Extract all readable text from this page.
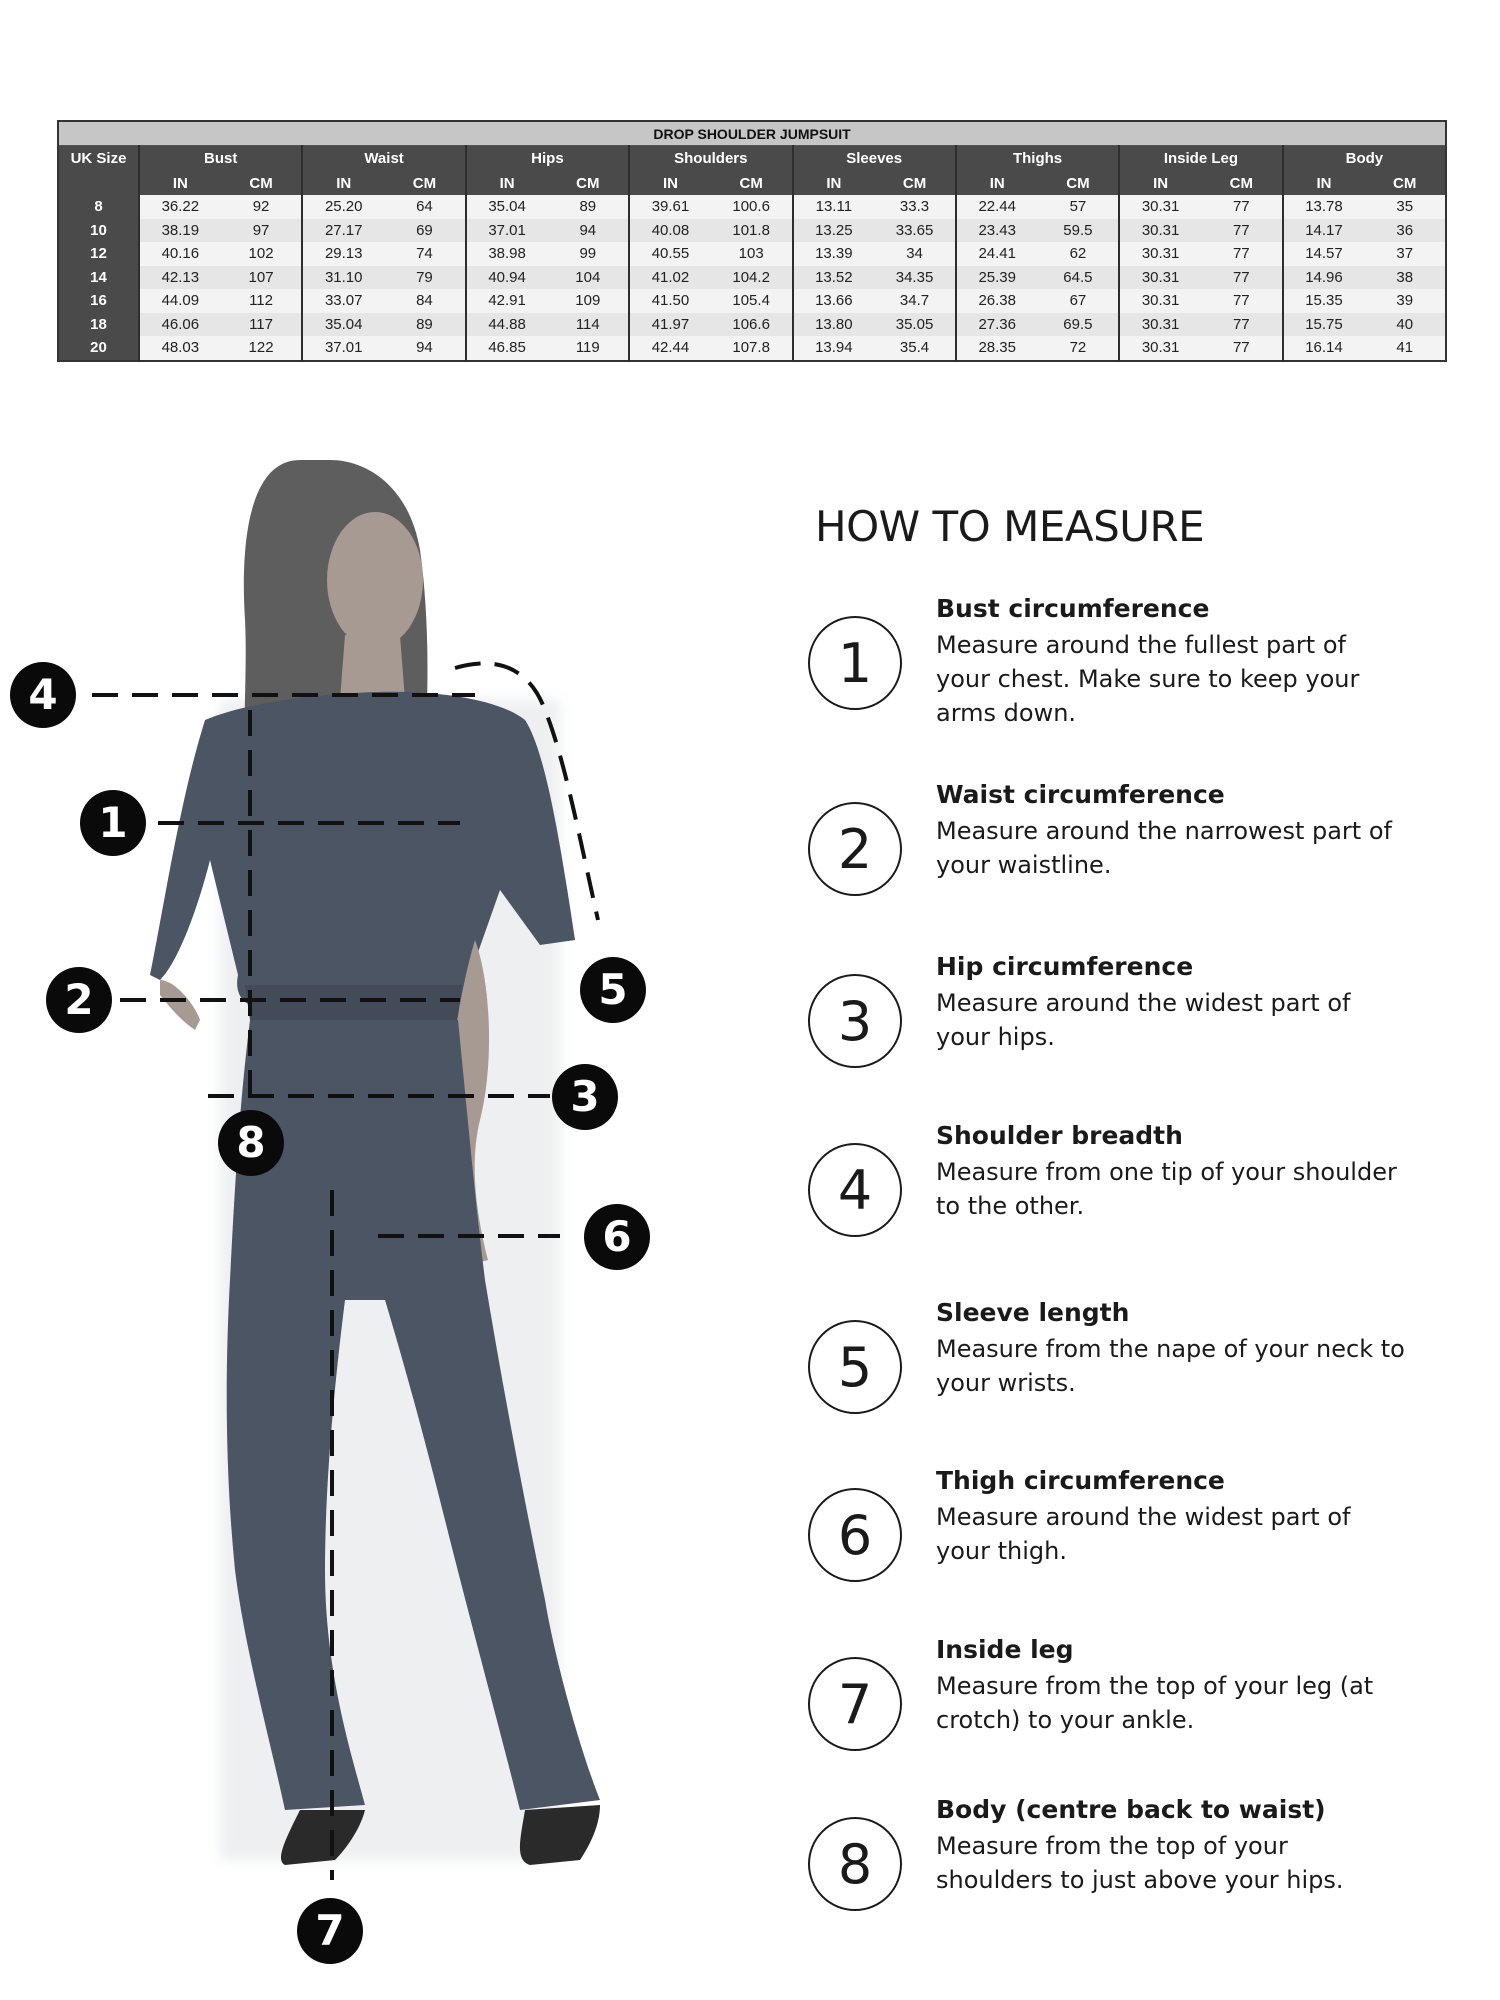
DROP SHOULDER JUMPSUIT																
UK Size	Bust		Waist		Hips		Shoulders		Sleeves		Thighs		Inside Leg		Body	
	IN	CM	IN	CM	IN	CM	IN	CM	IN	CM	IN	CM	IN	CM	IN	CM
8	36.22	92	25.20	64	35.04	89	39.61	100.6	13.11	33.3	22.44	57	30.31	77	13.78	35
10	38.19	97	27.17	69	37.01	94	40.08	101.8	13.25	33.65	23.43	59.5	30.31	77	14.17	36
12	40.16	102	29.13	74	38.98	99	40.55	103	13.39	34	24.41	62	30.31	77	14.57	37
14	42.13	107	31.10	79	40.94	104	41.02	104.2	13.52	34.35	25.39	64.5	30.31	77	14.96	38
16	44.09	112	33.07	84	42.91	109	41.50	105.4	13.66	34.7	26.38	67	30.31	77	15.35	39
18	46.06	117	35.04	89	44.88	114	41.97	106.6	13.80	35.05	27.36	69.5	30.31	77	15.75	40
20	48.03	122	37.01	94	46.85	119	42.44	107.8	13.94	35.4	28.35	72	30.31	77	16.14	41
4
1
2	5
3
8
6
7
HOW TO MEASURE
1
Bust circumference
Measure around the fullest part of your chest. Make sure to keep your arms down.
2
Waist circumference
Measure around the narrowest part of your waistline.
3
Hip circumference
Measure around the widest part of your hips.
4
Shoulder breadth
Measure from one tip of your shoulder to the other.
5
Sleeve length
Measure from the nape of your neck to your wrists.
6
Thigh circumference
Measure around the widest part of your thigh.
7
Inside leg
Measure from the top of your leg (at crotch) to your ankle.
8
Body (centre back to waist)
Measure from the top of your shoulders to just above your hips.
